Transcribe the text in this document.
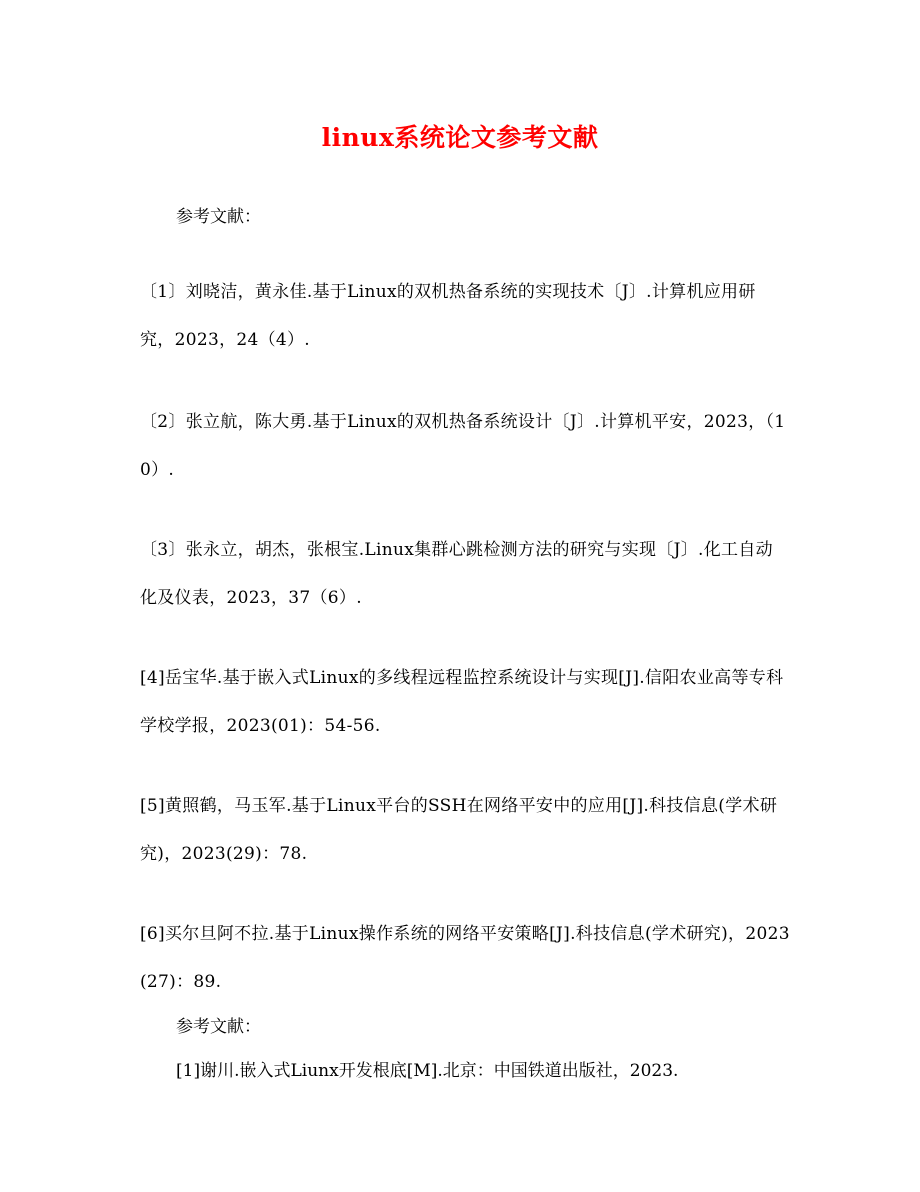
linux系统论文参考文献
参考文献：
〔1〕刘晓洁，黄永佳.基于Linux的双机热备系统的实现技术〔J〕.计算机应用研究，2023，24（4）.
〔2〕张立航，陈大勇.基于Linux的双机热备系统设计〔J〕.计算机平安，2023，（10）.
〔3〕张永立，胡杰，张根宝.Linux集群心跳检测方法的研究与实现〔J〕.化工自动化及仪表，2023，37（6）.
[4]岳宝华.基于嵌入式Linux的多线程远程监控系统设计与实现[J].信阳农业高等专科学校学报，2023(01)：54-56.
[5]黄照鹤，马玉军.基于Linux平台的SSH在网络平安中的应用[J].科技信息(学术研究)，2023(29)：78.
[6]买尔旦阿不拉.基于Linux操作系统的网络平安策略[J].科技信息(学术研究)，2023(27)：89.
参考文献：
[1]谢川.嵌入式Liunx开发根底[M].北京：中国铁道出版社，2023.
